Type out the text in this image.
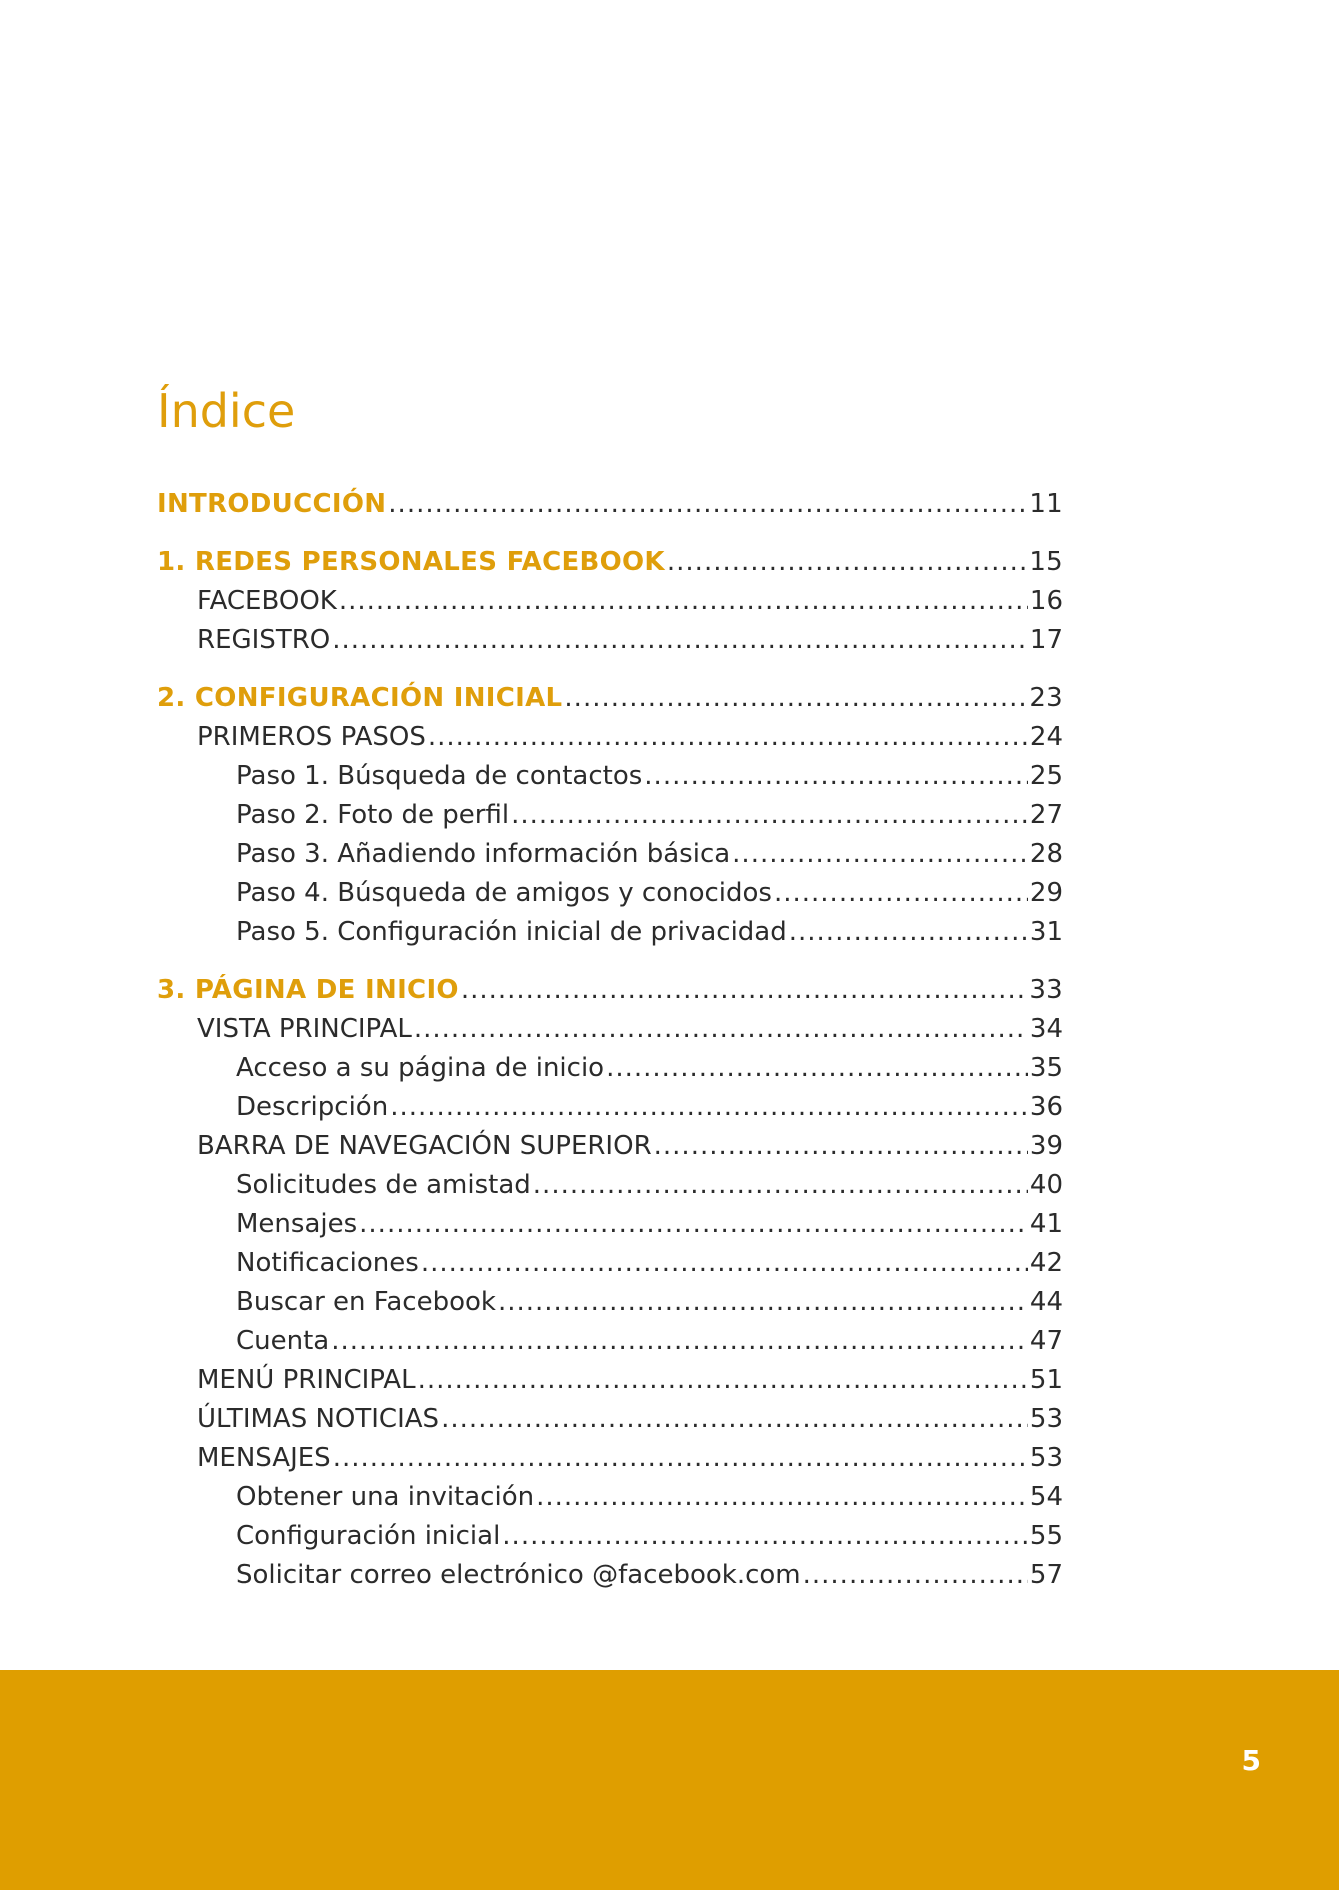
Índice
INTRODUCCIÓN .....	11
1. REDES PERSONALES FACEBOOK .....	15
FACEBOOK .....	16
REGISTRO .....	17
2. CONFIGURACIÓN INICIAL .....	23
PRIMEROS PASOS .....	24
Paso 1. Búsqueda de contactos .....	25
Paso 2. Foto de perfil .....	27
Paso 3. Añadiendo información básica .....	28
Paso 4. Búsqueda de amigos y conocidos .....	29
Paso 5. Configuración inicial de privacidad .....	31
3. PÁGINA DE INICIO .....	33
VISTA PRINCIPAL .....	34
Acceso a su página de inicio .....	35
Descripción .....	36
BARRA DE NAVEGACIÓN SUPERIOR .....	39
Solicitudes de amistad .....	40
Mensajes .....	41
Notificaciones .....	42
Buscar en Facebook .....	44
Cuenta .....	47
MENÚ PRINCIPAL .....	51
ÚLTIMAS NOTICIAS .....	53
MENSAJES .....	53
Obtener una invitación .....	54
Configuración inicial .....	55
Solicitar correo electrónico @facebook.com .....	57
5
